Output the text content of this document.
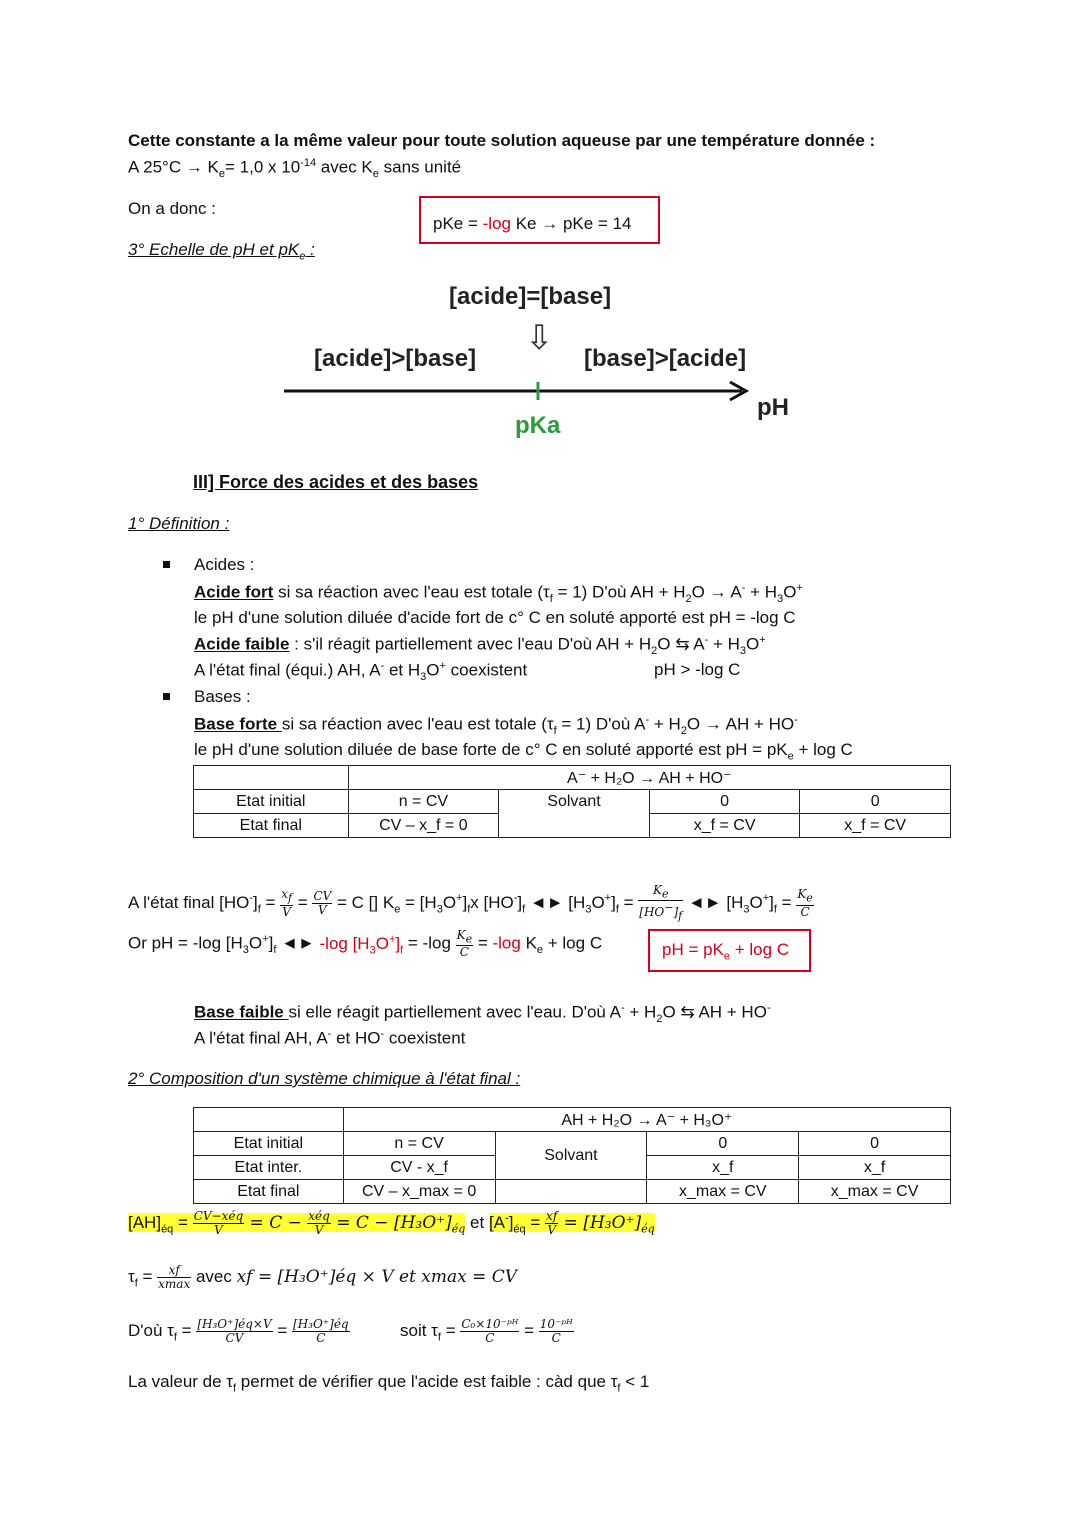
Cette constante a la même valeur pour toute solution aqueuse par une température donnée :
A $25^\circ C \to K_e= 1,0$ x $10^{-14}$ avec $K_e$ sans unité
On a donc :
pKe = -log Ke → pKe = 14
3° Echelle de pH et $pK_e$ :
[acide]=[base]
[acide]>[base]	[base]>[acide]
⇩
pH
pKa
III] Force des acides et des bases
1° Définition :
Acides :
Acide fort si sa réaction avec l'eau est totale $(\tau_f = 1)$ D'où AH + $H_2O \to A^- + H_3O^+$
le pH d'une solution diluée d'acide fort de c° C en soluté apporté est pH = -log C
Acide faible : s'il réagit partiellement avec l'eau D'où AH + $H_2O$ ⇆ $A^- + H_3O^+$
A l'état final (équi.) AH, A- et $H_3O^+$ coexistent	pH > -log C
Bases :
Base forte si sa réaction avec l'eau est totale $(\tau_f = 1)$ D'où $A^- + H_2O$ → AH + HO-
le pH d'une solution diluée de base forte de c° C en soluté apporté est pH = $pK_e + \log C$
	A⁻ + H₂O → AH + HO⁻			
Etat initial	n = CV	Solvant	0	0
Etat final	CV – x_f = 0		x_f = CV	x_f = CV
A l'état final $[HO^-]_f = \frac{x_f}{V} = \frac{CV}{V} = C$ [] $K_e = [H_3O^+]_fx$ $[HO^-]_f$ ◄► $[H_3O^+]_f = \frac{K_e}{[HO^-]_f}$ ◄► $[H_3O^+]_f = \frac{K_e}{C}$
Or pH = -log $[H_3O^+]_f$ ◄► -log $[H_3O^+]_f = -\log \frac{K_e}{C} = -\log$ $K_e + \log C$	pH = $pK_e + \log C$
Base faible si elle réagit partiellement avec l'eau. D'où $A^- + H_2O$ ⇆ AH + HO-
A l'état final AH, A- et HO- coexistent
2° Composition d'un système chimique à l'état final :
	AH + H₂O → A⁻ + H₃O⁺			
Etat initial	n = CV	Solvant	0	0
Etat inter.	CV - x_f		x_f	x_f
Etat final	CV – x_max = 0		x_max = CV	x_max = CV
$[AH]_{éq} = \frac{\text{CV−xéq}}{V} = C - \frac{\text{xéq}}{V} = C - [H_3O^+]_{éq}$ et $[A^-]_{éq} = \frac{xf}{V} = [H_3O^+]_{éq}$
$\tau_f = \frac{xf}{xmax}$ avec xf = [H₃O⁺]éq × V et xmax = CV
D'où $\tau_f = \frac{\text{[H₃O⁺]éq×V}}{CV} = \frac{\text{[H₃O⁺]éq}}{C}$	soit $\tau_f = \frac{\text{C₀×10⁻ᵖᴴ}}{C} = \frac{\text{10⁻ᵖᴴ}}{C}$
La valeur de $\tau_f$ permet de vérifier que l'acide est faible : càd que $\tau_f < 1$
